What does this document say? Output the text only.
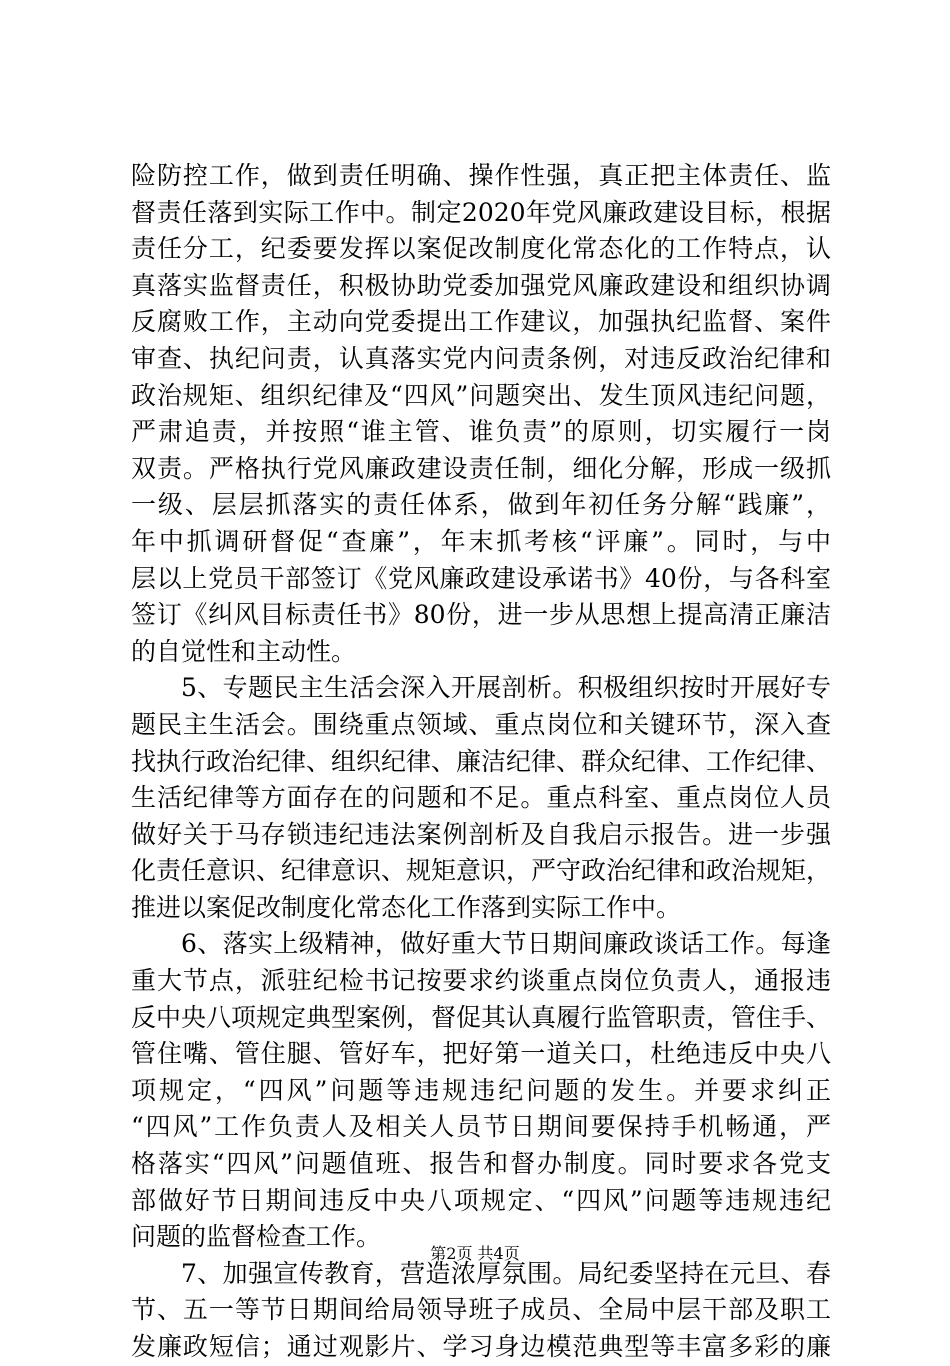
险防控工作，做到责任明确、操作性强，真正把主体责任、监
督责任落到实际工作中。制定2020年党风廉政建设目标，根据
责任分工，纪委要发挥以案促改制度化常态化的工作特点，认
真落实监督责任，积极协助党委加强党风廉政建设和组织协调
反腐败工作，主动向党委提出工作建议，加强执纪监督、案件
审查、执纪问责，认真落实党内问责条例，对违反政治纪律和
政治规矩、组织纪律及“四风”问题突出、发生顶风违纪问题，
严肃追责，并按照“谁主管、谁负责”的原则，切实履行一岗
双责。严格执行党风廉政建设责任制，细化分解，形成一级抓
一级、层层抓落实的责任体系，做到年初任务分解“践廉”，
年中抓调研督促“查廉”，年末抓考核“评廉”。同时，与中
层以上党员干部签订《党风廉政建设承诺书》40份，与各科室
签订《纠风目标责任书》80份，进一步从思想上提高清正廉洁
的自觉性和主动性。
5、专题民主生活会深入开展剖析。积极组织按时开展好专
题民主生活会。围绕重点领域、重点岗位和关键环节，深入查
找执行政治纪律、组织纪律、廉洁纪律、群众纪律、工作纪律、
生活纪律等方面存在的问题和不足。重点科室、重点岗位人员
做好关于马存锁违纪违法案例剖析及自我启示报告。进一步强
化责任意识、纪律意识、规矩意识，严守政治纪律和政治规矩，
推进以案促改制度化常态化工作落到实际工作中。
6、落实上级精神，做好重大节日期间廉政谈话工作。每逢
重大节点，派驻纪检书记按要求约谈重点岗位负责人，通报违
反中央八项规定典型案例，督促其认真履行监管职责，管住手、
管住嘴、管住腿、管好车，把好第一道关口，杜绝违反中央八
项规定，“四风”问题等违规违纪问题的发生。并要求纠正
“四风”工作负责人及相关人员节日期间要保持手机畅通，严
格落实“四风”问题值班、报告和督办制度。同时要求各党支
部做好节日期间违反中央八项规定、“四风”问题等违规违纪
问题的监督检查工作。
7、加强宣传教育，营造浓厚氛围。局纪委坚持在元旦、春
节、五一等节日期间给局领导班子成员、全局中层干部及职工
发廉政短信；通过观影片、学习身边模范典型等丰富多彩的廉
第2页 共4页
